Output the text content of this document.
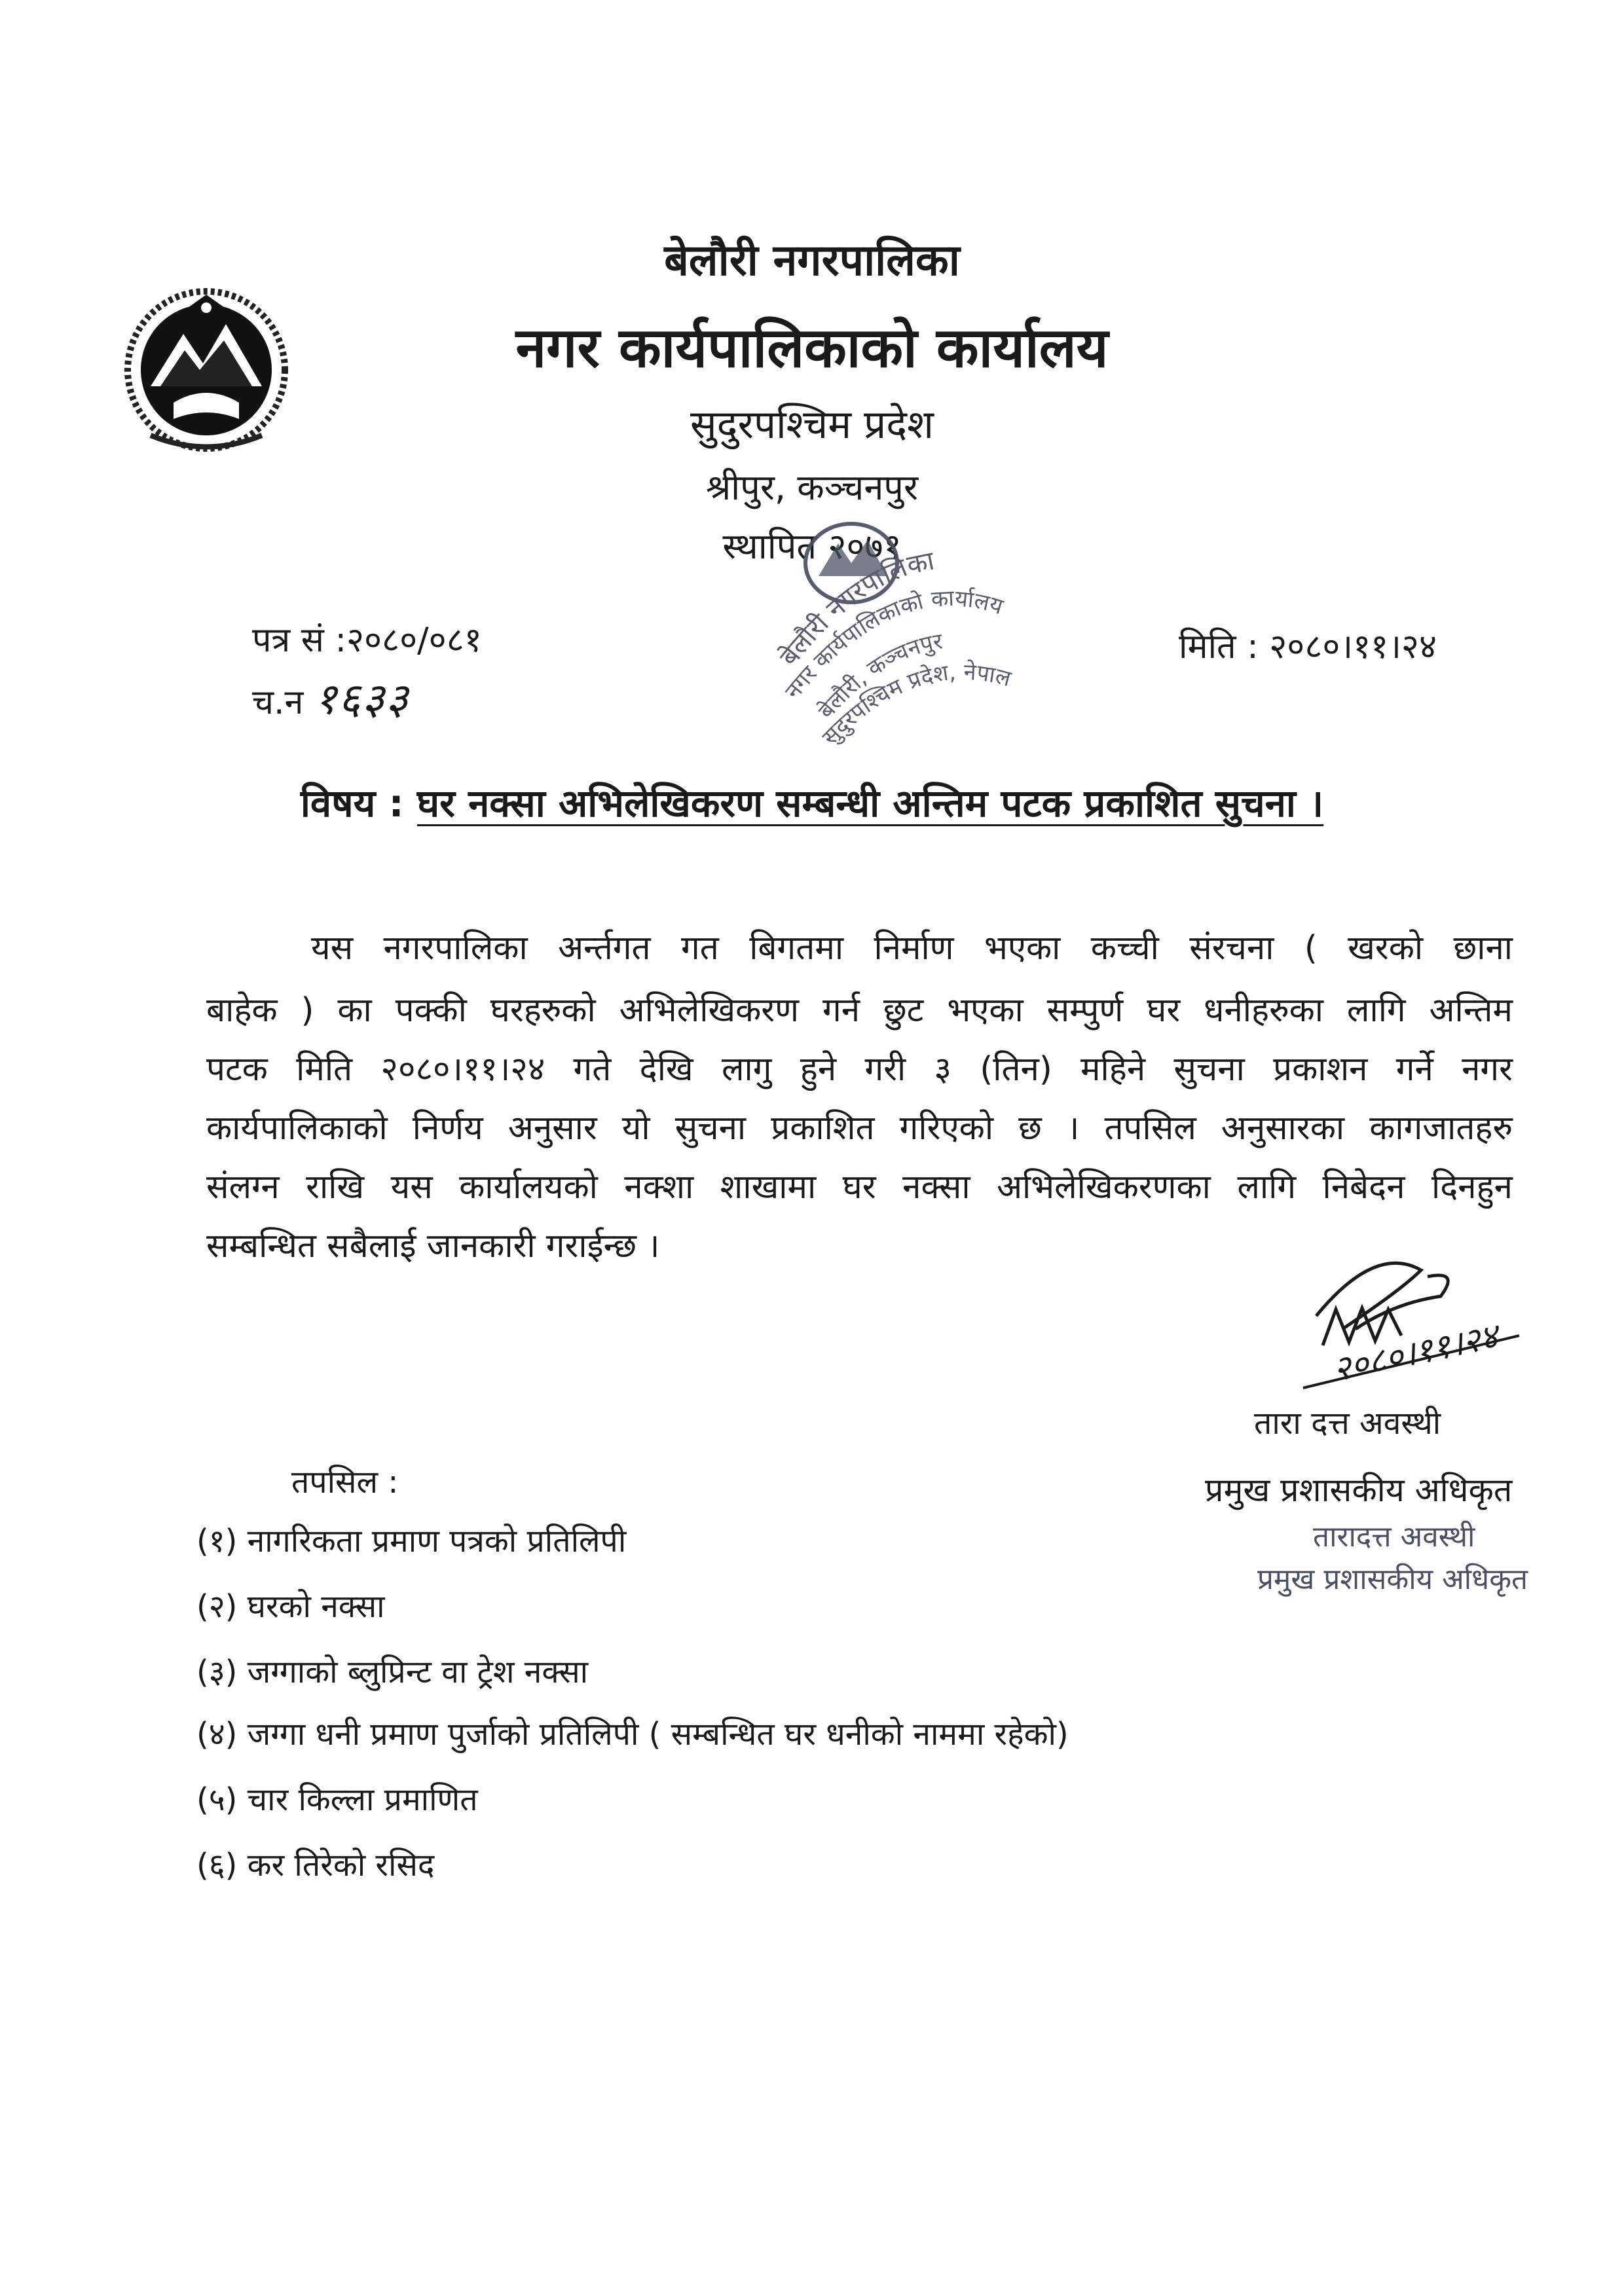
बेलौरी नगरपालिका
नगर कार्यपालिकाको कार्यालय
सुदुरपश्चिम प्रदेश
श्रीपुर, कञ्चनपुर
स्थापित २०७१
बेलौरी नगरपालिका
नगर कार्यपालिकाको कार्यालय
बेलौरी, कञ्चनपुर
सुदुरपश्चिम प्रदेश, नेपाल
पत्र सं :२०८०/०८१
च.न १६३३
मिति : २०८०।११।२४
विषय : घर नक्सा अभिलेखिकरण सम्बन्धी अन्तिम पटक प्रकाशित सुचना ।
यस नगरपालिका अर्न्तगत गत बिगतमा निर्माण भएका कच्ची संरचना ( खरको छाना
बाहेक ) का पक्की घरहरुको अभिलेखिकरण गर्न छुट भएका सम्पुर्ण घर धनीहरुका लागि अन्तिम
पटक मिति २०८०।११।२४ गते देखि लागु हुने गरी ३ (तिन) महिने सुचना प्रकाशन गर्ने नगर
कार्यपालिकाको निर्णय अनुसार यो सुचना प्रकाशित गरिएको छ । तपसिल अनुसारका कागजातहरु
संलग्न राखि यस कार्यालयको नक्शा शाखामा घर नक्सा अभिलेखिकरणका लागि निबेदन दिनहुन
सम्बन्धित सबैलाई जानकारी गराईन्छ ।
२०८०।११।२४
तारा दत्त अवस्थी
प्रमुख प्रशासकीय अधिकृत
तारादत्त अवस्थी
प्रमुख प्रशासकीय अधिकृत
तपसिल :
(१) नागरिकता प्रमाण पत्रको प्रतिलिपी
(२) घरको नक्सा
(३) जग्गाको ब्लुप्रिन्ट वा ट्रेश नक्सा
(४) जग्गा धनी प्रमाण पुर्जाको प्रतिलिपी ( सम्बन्धित घर धनीको नाममा रहेको)
(५) चार किल्ला प्रमाणित
(६) कर तिरेको रसिद
